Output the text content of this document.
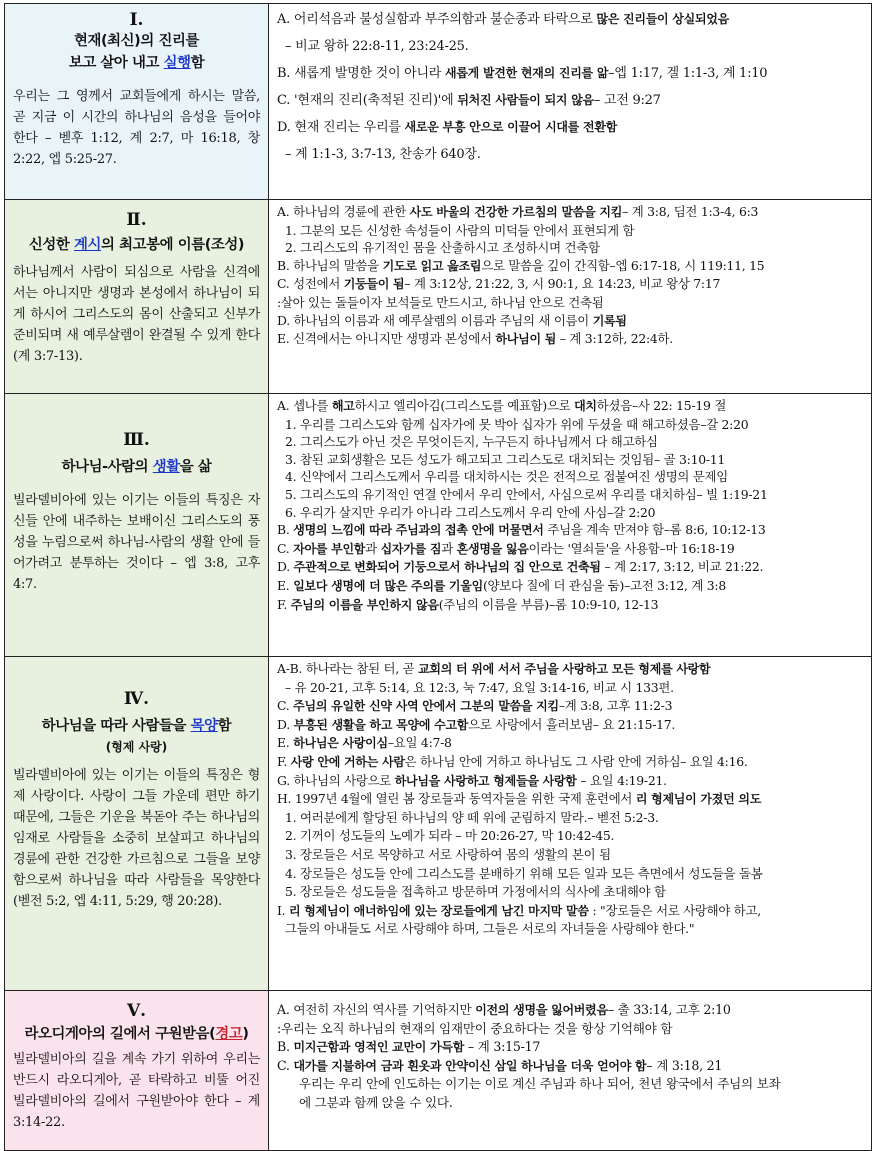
Ⅰ.
현재(최신)의 진리를
보고 살아 내고 실행함
우리는 그 영께서 교회들에게 하시는 말씀, 곧 지금 이 시간의 하나님의 음성을 들어야 한다 – 벧후 1:12, 계 2:7, 마 16:18, 창 2:22, 엡 5:25-27.
A. 어리석음과 불성실함과 부주의함과 불순종과 타락으로 많은 진리들이 상실되었음
– 비교 왕하 22:8-11, 23:24-25.
B. 새롭게 발명한 것이 아니라 새롭게 발견한 현재의 진리를 앎–엡 1:17, 겔 1:1-3, 계 1:10
C. '현재의 진리(축적된 진리)'에 뒤처진 사람들이 되지 않음– 고전 9:27
D. 현재 진리는 우리를 새로운 부흥 안으로 이끌어 시대를 전환함
– 계 1:1-3, 3:7-13, 찬송가 640장.
Ⅱ.
신성한 계시의 최고봉에 이름(조성)
하나님께서 사람이 되심으로 사람을 신격에서는 아니지만 생명과 본성에서 하나님이 되게 하시어 그리스도의 몸이 산출되고 신부가 준비되며 새 예루살렘이 완결될 수 있게 한다(계 3:7-13).
A. 하나님의 경륜에 관한 사도 바울의 건강한 가르침의 말씀을 지킴– 계 3:8, 딤전 1:3-4, 6:3
1. 그분의 모든 신성한 속성들이 사람의 미덕들 안에서 표현되게 함
2. 그리스도의 유기적인 몸을 산출하시고 조성하시며 건축함
B. 하나님의 말씀을 기도로 읽고 읊조림으로 말씀을 깊이 간직함–엡 6:17-18, 시 119:11, 15
C. 성전에서 기둥들이 됨– 계 3:12상, 21:22, 3, 시 90:1, 요 14:23, 비교 왕상 7:17
:살아 있는 돌들이자 보석들로 만드시고, 하나님 안으로 건축됨
D. 하나님의 이름과 새 예루살렘의 이름과 주님의 새 이름이 기록됨
E. 신격에서는 아니지만 생명과 본성에서 하나님이 됨 – 계 3:12하, 22:4하.
Ⅲ.
하나님-사람의 생활을 삶
빌라델비아에 있는 이기는 이들의 특징은 자신들 안에 내주하는 보배이신 그리스도의 풍성을 누림으로써 하나님-사람의 생활 안에 들어가려고 분투하는 것이다 – 엡 3:8, 고후 4:7.
A. 셉나를 해고하시고 엘리아김(그리스도를 예표함)으로 대치하셨음–사 22: 15-19 절
1. 우리를 그리스도와 함께 십자가에 못 박아 십자가 위에 두셨을 때 해고하셨음–갈 2:20
2. 그리스도가 아닌 것은 무엇이든지, 누구든지 하나님께서 다 해고하심
3. 참된 교회생활은 모든 성도가 해고되고 그리스도로 대치되는 것임됨– 골 3:10-11
4. 신약에서 그리스도께서 우리를 대치하시는 것은 전적으로 접붙여진 생명의 문제임
5. 그리스도의 유기적인 연결 안에서 우리 안에서, 사심으로써 우리를 대치하심– 빌 1:19-21
6. 우리가 살지만 우리가 아니라 그리스도께서 우리 안에 사심–갈 2:20
B. 생명의 느낌에 따라 주님과의 접촉 안에 머물면서 주님을 계속 만져야 함–롬 8:6, 10:12-13
C. 자아를 부인함과 십자가를 짐과 혼생명을 잃음이라는 '열쇠들'을 사용함–마 16:18-19
D. 주관적으로 변화되어 기둥으로서 하나님의 집 안으로 건축됨 – 계 2:17, 3:12, 비교 21:22.
E. 일보다 생명에 더 많은 주의를 기울임(양보다 질에 더 관심을 둠)–고전 3:12, 계 3:8
F. 주님의 이름을 부인하지 않음(주님의 이름을 부름)–롬 10:9-10, 12-13
Ⅳ.
하나님을 따라 사람들을 목양함
(형제 사랑)
빌라델비아에 있는 이기는 이들의 특징은 형제 사랑이다. 사랑이 그들 가운데 편만 하기 때문에, 그들은 기운을 북돋아 주는 하나님의 임재로 사람들을 소중히 보살피고 하나님의 경륜에 관한 건강한 가르침으로 그들을 보양함으로써 하나님을 따라 사람들을 목양한다(벧전 5:2, 엡 4:11, 5:29, 행 20:28).
A-B. 하나라는 참된 터, 곧 교회의 터 위에 서서 주님을 사랑하고 모든 형제를 사랑함
– 유 20-21, 고후 5:14, 요 12:3, 눅 7:47, 요일 3:14-16, 비교 시 133편.
C. 주님의 유일한 신약 사역 안에서 그분의 말씀을 지킴–계 3:8, 고후 11:2-3
D. 부흥된 생활을 하고 목양에 수고함으로 사랑에서 흘러보냄– 요 21:15-17.
E. 하나님은 사랑이심–요일 4:7-8
F. 사랑 안에 거하는 사람은 하나님 안에 거하고 하나님도 그 사람 안에 거하심– 요일 4:16.
G. 하나님의 사랑으로 하나님을 사랑하고 형제들을 사랑함 – 요일 4:19-21.
H. 1997년 4월에 열린 봄 장로들과 동역자들을 위한 국제 훈련에서 리 형제님이 가졌던 의도
1. 여러분에게 할당된 하나님의 양 떼 위에 군림하지 말라.– 벧전 5:2-3.
2. 기꺼이 성도들의 노예가 되라 – 마 20:26-27, 막 10:42-45.
3. 장로들은 서로 목양하고 서로 사랑하여 몸의 생활의 본이 됨
4. 장로들은 성도들 안에 그리스도를 분배하기 위해 모든 일과 모든 측면에서 성도들을 돌봄
5. 장로들은 성도들을 접촉하고 방문하며 가정에서의 식사에 초대해야 함
I. 리 형제님이 애너하임에 있는 장로들에게 남긴 마지막 말씀 : "장로들은 서로 사랑해야 하고,
그들의 아내들도 서로 사랑해야 하며, 그들은 서로의 자녀들을 사랑해야 한다."
Ⅴ.
라오디게아의 길에서 구원받음(경고)
빌라델비아의 길을 계속 가기 위하여 우리는 반드시 라오디게아, 곧 타락하고 비뚤 어진 빌라델비아의 길에서 구원받아야 한다 – 계 3:14-22.
A. 여전히 자신의 역사를 기억하지만 이전의 생명을 잃어버렸음– 출 33:14, 고후 2:10
:우리는 오직 하나님의 현재의 임재만이 중요하다는 것을 항상 기억해야 함
B. 미지근함과 영적인 교만이 가득함 – 계 3:15-17
C. 대가를 지불하여 금과 흰옷과 안약이신 삼일 하나님을 더욱 얻어야 함– 계 3:18, 21
우리는 우리 안에 인도하는 이기는 이로 계신 주님과 하나 되어, 천년 왕국에서 주님의 보좌
에 그분과 함께 앉을 수 있다.
